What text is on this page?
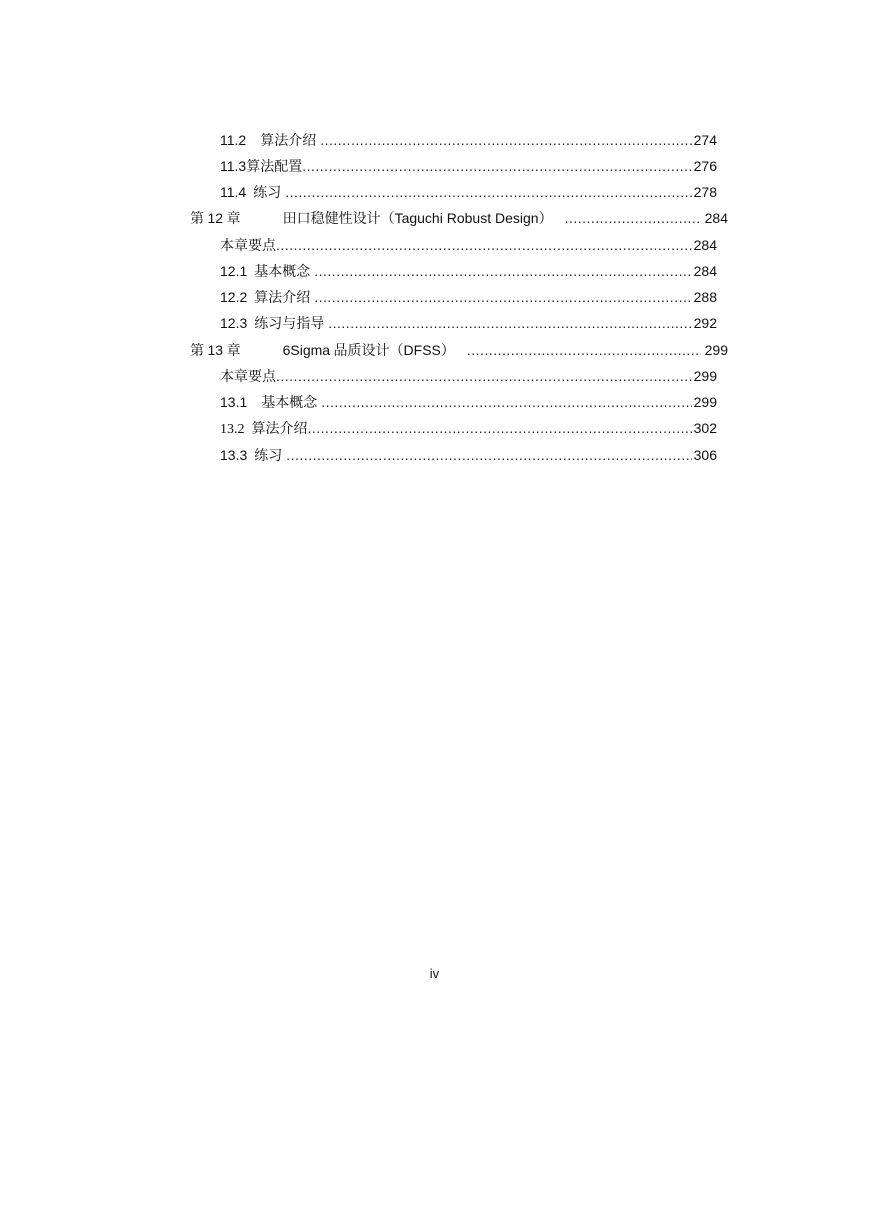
11.2 算法介绍 .....	274
11.3算法配置 .....	276
11.4 练习 .....	278
第 12 章	田口稳健性设计（Taguchi Robust Design） .....	284
本章要点 .....	284
12.1 基本概念 .....	284
12.2 算法介绍 .....	288
12.3 练习与指导 .....	292
第 13 章	6Sigma 品质设计（DFSS） .....	299
本章要点 .....	299
13.1 基本概念 .....	299
13.2 算法介绍 .....	302
13.3 练习 .....	306
iv
